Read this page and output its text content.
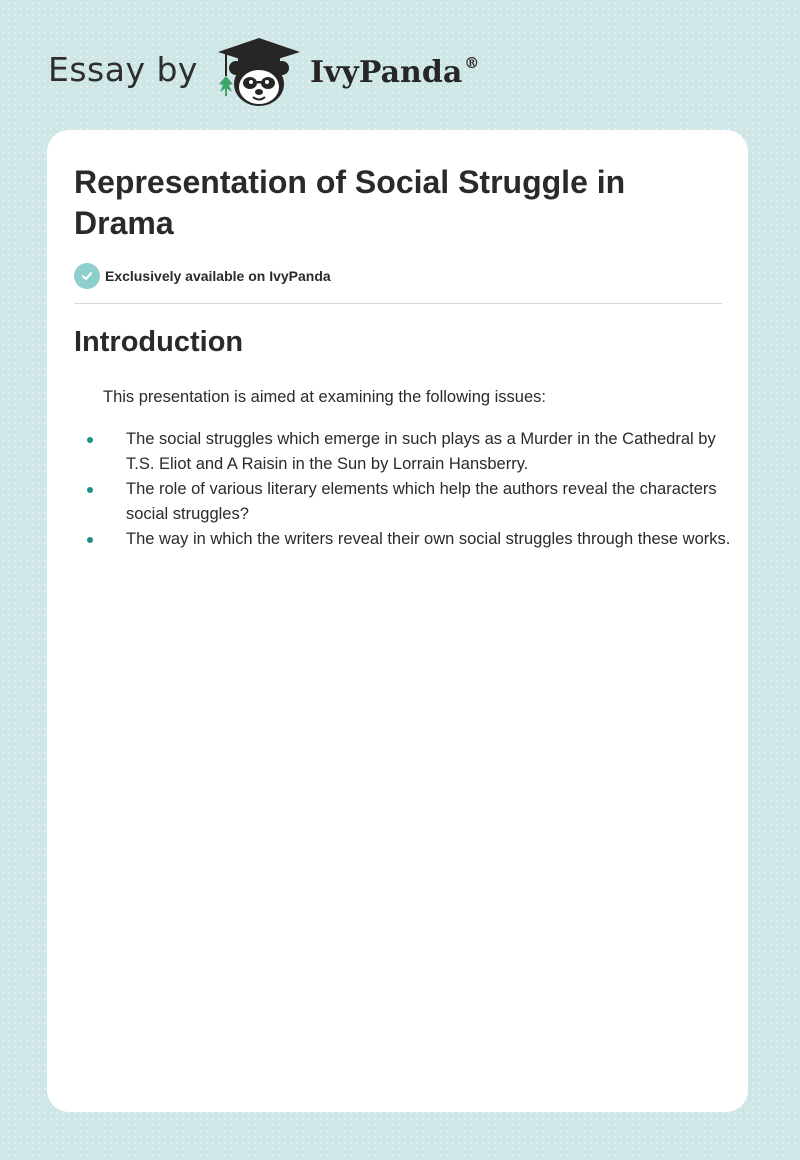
Essay by	IvyPanda ®
Representation of Social Struggle in Drama
Exclusively available on IvyPanda
Introduction

This presentation is aimed at examining the following issues:

The social struggles which emerge in such plays as a Murder in the Cathedral by T.S. Eliot and A Raisin in the Sun by Lorrain Hansberry.
The role of various literary elements which help the authors reveal the characters social struggles?
The way in which the writers reveal their own social struggles through these works.
